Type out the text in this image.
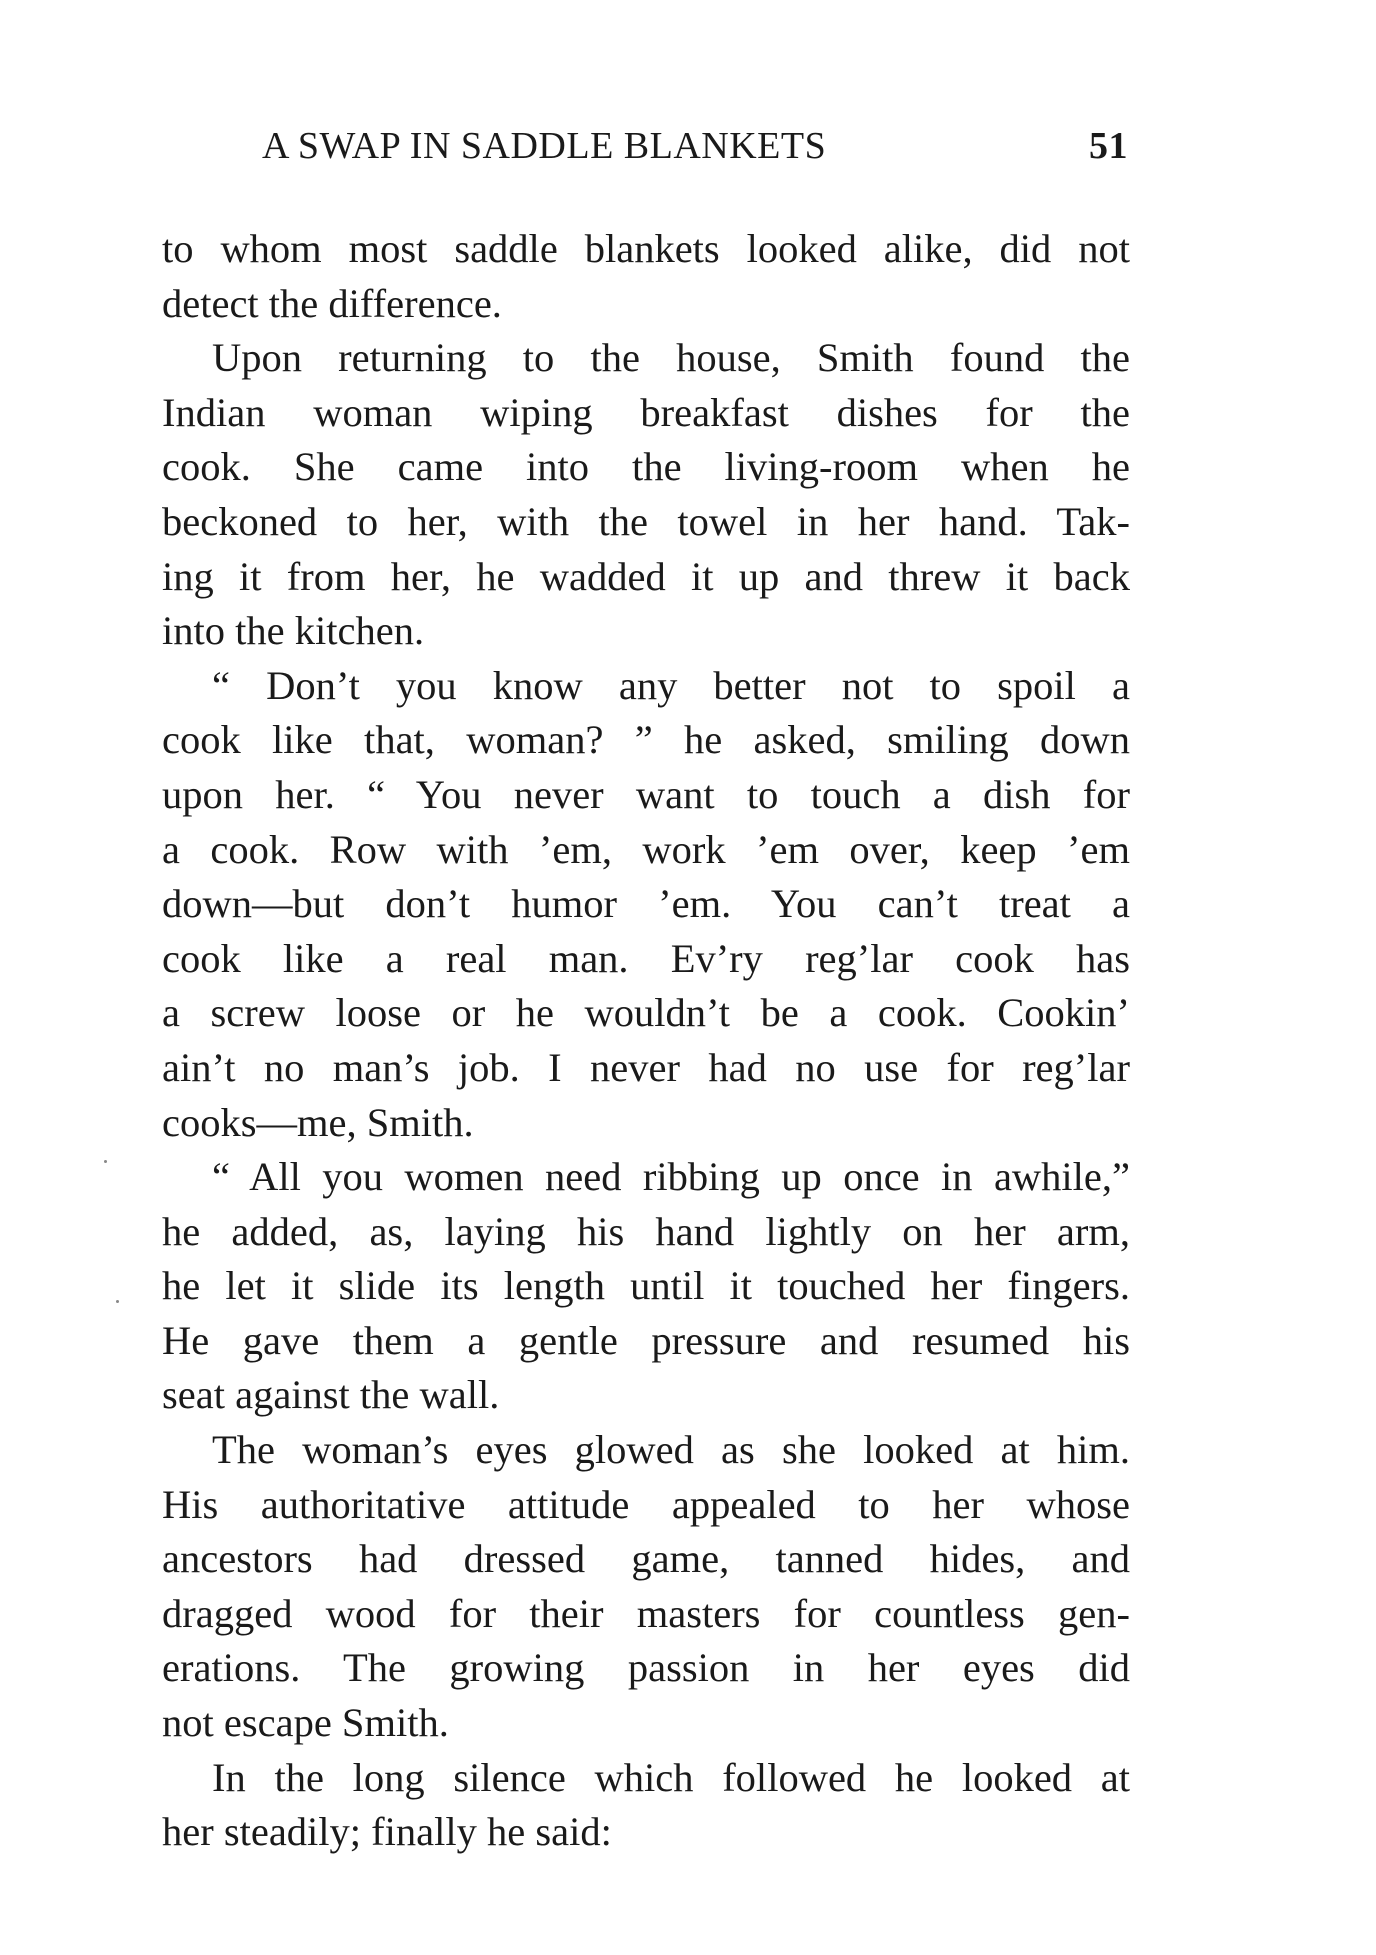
A SWAP IN SADDLE BLANKETS	51
to whom most saddle blankets looked alike, did not
detect the difference.
Upon returning to the house, Smith found the
Indian woman wiping breakfast dishes for the
cook. She came into the living-room when he
beckoned to her, with the towel in her hand. Tak-
ing it from her, he wadded it up and threw it back
into the kitchen.
“ Don’t you know any better not to spoil a
cook like that, woman? ” he asked, smiling down
upon her. “ You never want to touch a dish for
a cook. Row with ’em, work ’em over, keep ’em
down—but don’t humor ’em. You can’t treat a
cook like a real man. Ev’ry reg’lar cook has
a screw loose or he wouldn’t be a cook. Cookin’
ain’t no man’s job. I never had no use for reg’lar
cooks—me, Smith.
“ All you women need ribbing up once in awhile,”
he added, as, laying his hand lightly on her arm,
he let it slide its length until it touched her fingers.
He gave them a gentle pressure and resumed his
seat against the wall.
The woman’s eyes glowed as she looked at him.
His authoritative attitude appealed to her whose
ancestors had dressed game, tanned hides, and
dragged wood for their masters for countless gen-
erations. The growing passion in her eyes did
not escape Smith.
In the long silence which followed he looked at
her steadily; finally he said:
